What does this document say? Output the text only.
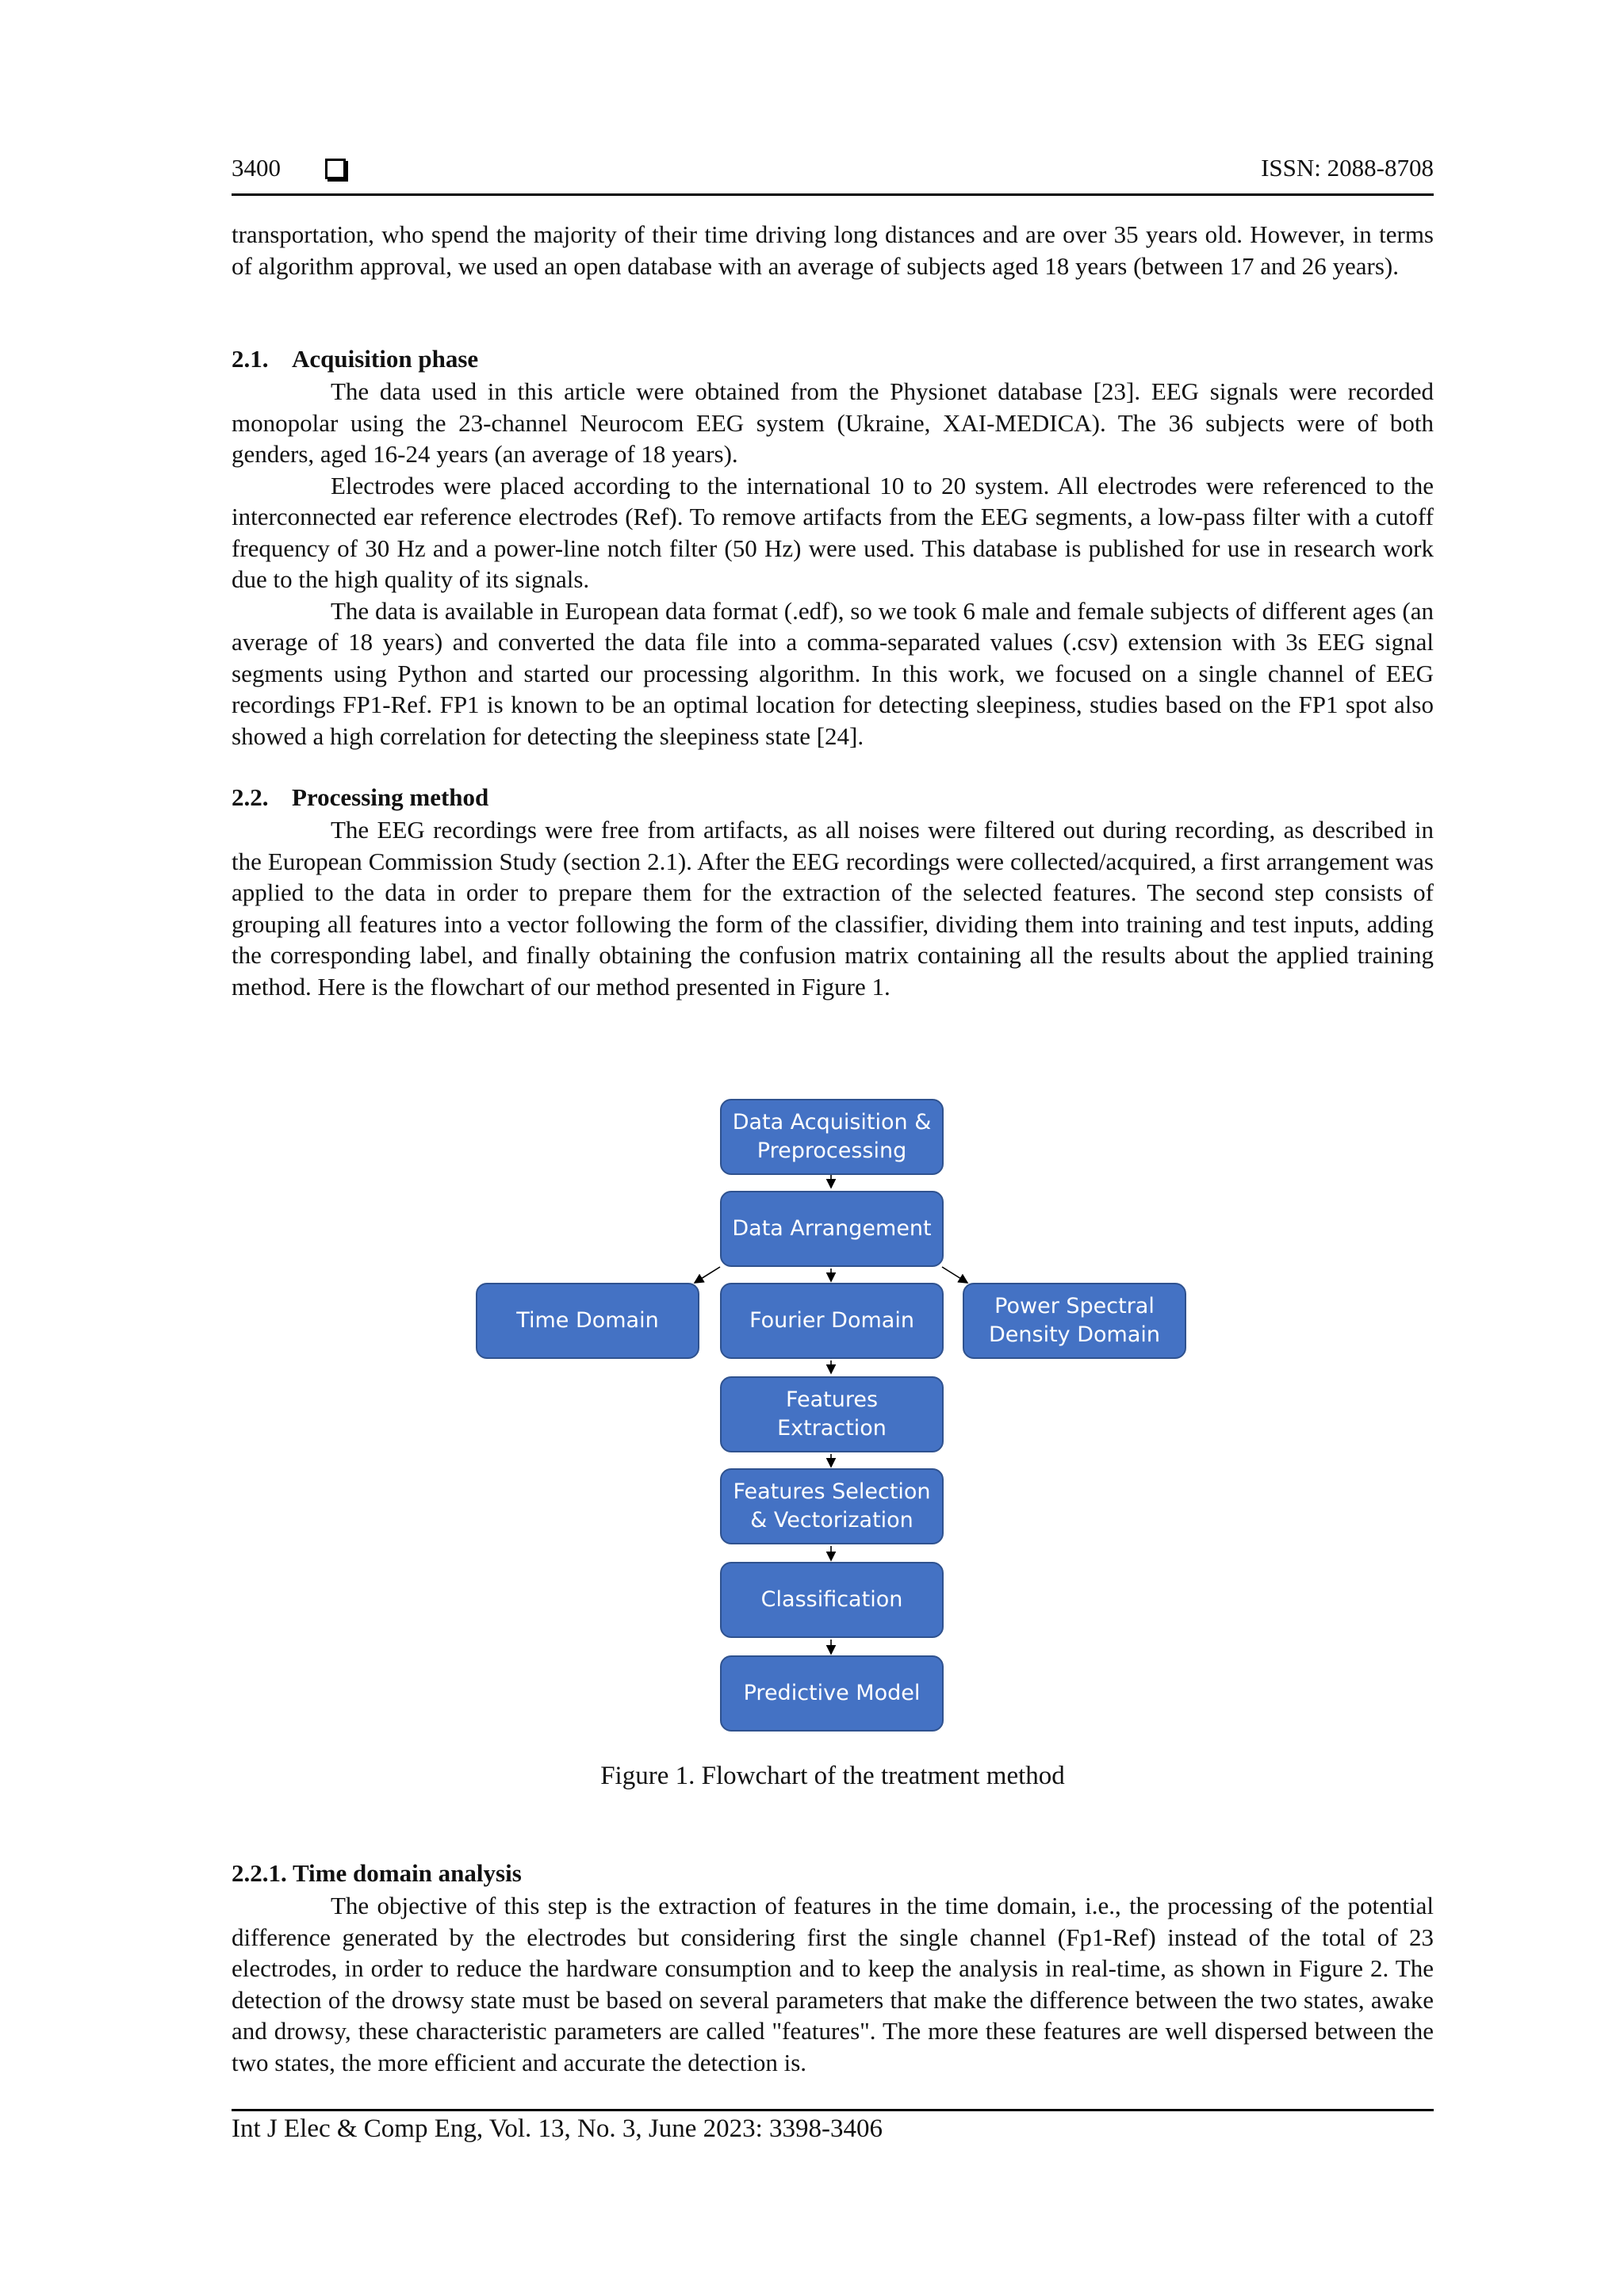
3400	ISSN: 2088-8708

transportation, who spend the majority of their time driving long distances and are over 35 years old. However, in terms of algorithm approval, we used an open database with an average of subjects aged 18 years (between 17 and 26 years).

2.1. Acquisition phase

The data used in this article were obtained from the Physionet database [23]. EEG signals were recorded monopolar using the 23-channel Neurocom EEG system (Ukraine, XAI-MEDICA). The 36 subjects were of both genders, aged 16-24 years (an average of 18 years).

Electrodes were placed according to the international 10 to 20 system. All electrodes were referenced to the interconnected ear reference electrodes (Ref). To remove artifacts from the EEG segments, a low-pass filter with a cutoff frequency of 30 Hz and a power-line notch filter (50 Hz) were used. This database is published for use in research work due to the high quality of its signals.

The data is available in European data format (.edf), so we took 6 male and female subjects of different ages (an average of 18 years) and converted the data file into a comma-separated values (.csv) extension with 3s EEG signal segments using Python and started our processing algorithm. In this work, we focused on a single channel of EEG recordings FP1-Ref. FP1 is known to be an optimal location for detecting sleepiness, studies based on the FP1 spot also showed a high correlation for detecting the sleepiness state [24].

2.2. Processing method

The EEG recordings were free from artifacts, as all noises were filtered out during recording, as described in the European Commission Study (section 2.1). After the EEG recordings were collected/acquired, a first arrangement was applied to the data in order to prepare them for the extraction of the selected features. The second step consists of grouping all features into a vector following the form of the classifier, dividing them into training and test inputs, adding the corresponding label, and finally obtaining the confusion matrix containing all the results about the applied training method. Here is the flowchart of our method presented in Figure 1.

Data Acquisition & Preprocessing
Data Arrangement
Time Domain	Fourier Domain
Power Spectral Density Domain
Features Extraction
Features Selection & Vectorization
Classification
Predictive Model
Figure 1. Flowchart of the treatment method
2.2.1. Time domain analysis

The objective of this step is the extraction of features in the time domain, i.e., the processing of the potential difference generated by the electrodes but considering first the single channel (Fp1-Ref) instead of the total of 23 electrodes, in order to reduce the hardware consumption and to keep the analysis in real-time, as shown in Figure 2. The detection of the drowsy state must be based on several parameters that make the difference between the two states, awake and drowsy, these characteristic parameters are called "features". The more these features are well dispersed between the two states, the more efficient and accurate the detection is.

Int J Elec & Comp Eng, Vol. 13, No. 3, June 2023: 3398-3406
